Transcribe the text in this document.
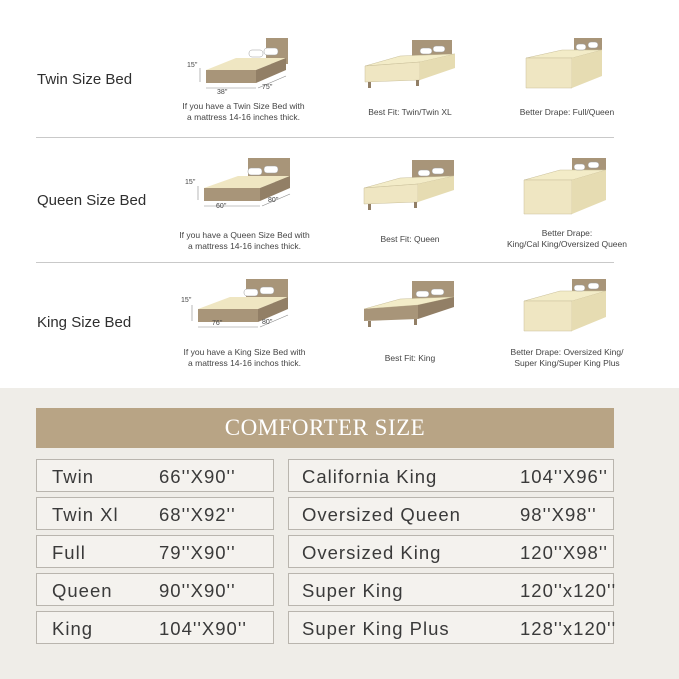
Twin Size Bed
15''
38''
75''
If you have a Twin Size Bed with
a mattress 14-16 inches thick.	Best Fit: Twin/Twin XL	Better Drape: Full/Queen
Queen Size Bed
15''
60''
80''
If you have a Queen Size Bed with
a mattress 14-16 inches thick.
Best Fit: Queen
Better Drape:
King/Cal King/Oversized Queen
King Size Bed
15''
76''	80''
If you have a King Size Bed with
a mattress 14-16 inchos thick.	Best Fit: King
Better Drape: Oversized King/
Super King/Super King Plus
COMFORTER SIZE
Twin	66''X90''
Twin Xl 68''X92''
Full	79''X90''
Queen	90''X90''
King	104''X90''
California King	104''X96''
Oversized Queen	98''X98''
Oversized King	120''X98''
Super King	120''x120''
Super King Plus	128''x120''
